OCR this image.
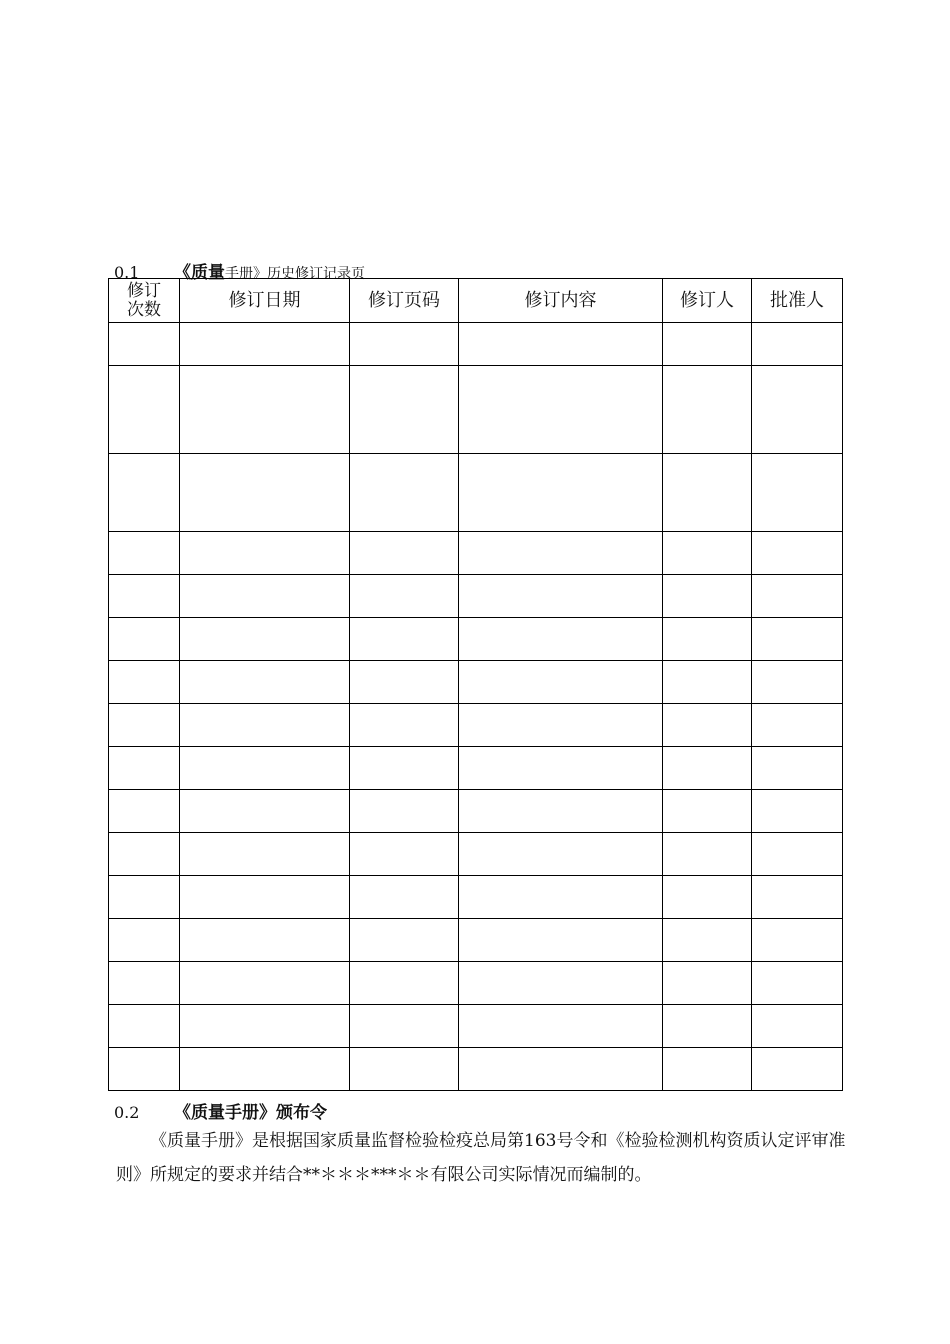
0.1	《质量 手册》历史修订记录页
修订
次数	修订日期	修订页码	修订内容	修订人	批准人

0.2	《质量手册》颁布令
《质量手册》是根据国家质量监督检验检疫总局第163号令和《检验检测机构资质认定评审准则》所规定的要求并结合**＊＊＊***＊＊有限公司实际情况而编制的。
